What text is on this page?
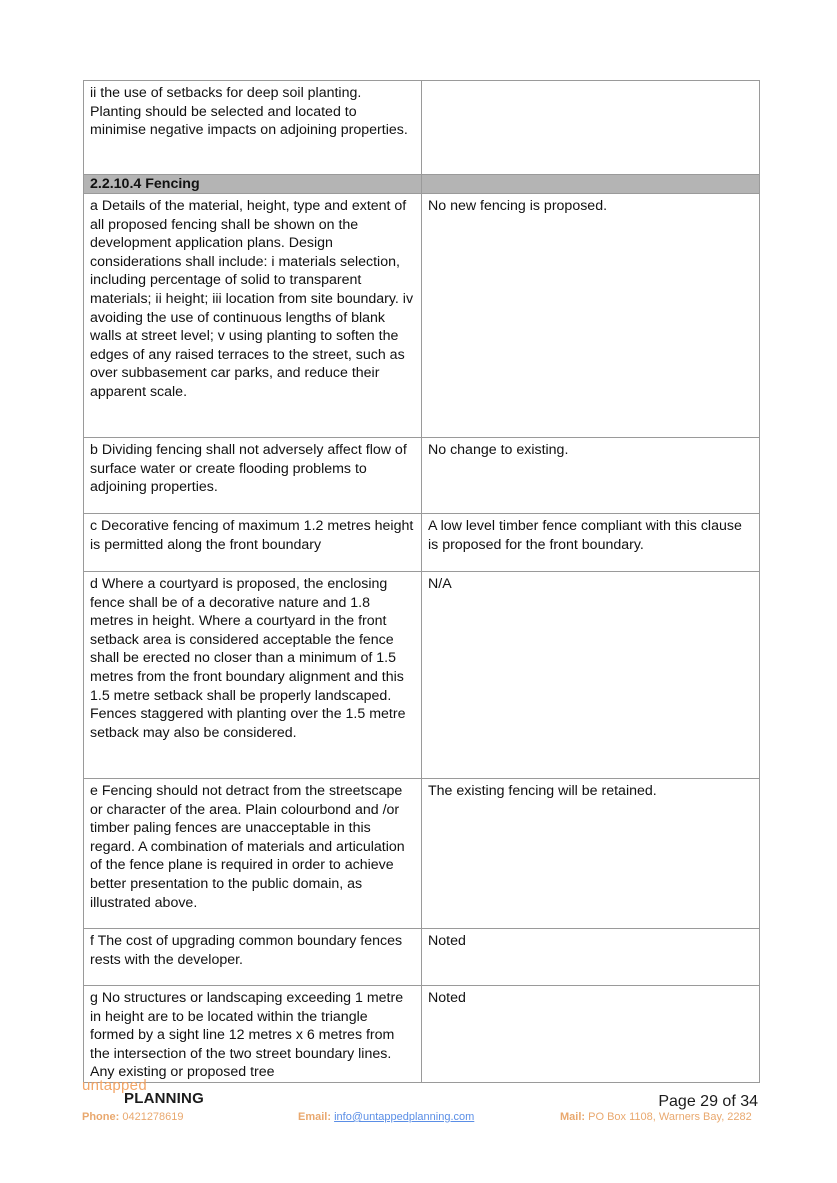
ii the use of setbacks for deep soil planting. Planting should be selected and located to minimise negative impacts on adjoining properties.	
2.2.10.4 Fencing	
a Details of the material, height, type and extent of all proposed fencing shall be shown on the development application plans. Design considerations shall include: i materials selection, including percentage of solid to transparent materials; ii height; iii location from site boundary. iv avoiding the use of continuous lengths of blank walls at street level; v using planting to soften the edges of any raised terraces to the street, such as over subbasement car parks, and reduce their apparent scale.	No new fencing is proposed.
b Dividing fencing shall not adversely affect flow of surface water or create flooding problems to adjoining properties.	No change to existing.
c Decorative fencing of maximum 1.2 metres height is permitted along the front boundary	A low level timber fence compliant with this clause is proposed for the front boundary.
d Where a courtyard is proposed, the enclosing fence shall be of a decorative nature and 1.8 metres in height. Where a courtyard in the front setback area is considered acceptable the fence shall be erected no closer than a minimum of 1.5 metres from the front boundary alignment and this 1.5 metre setback shall be properly landscaped. Fences staggered with planting over the 1.5 metre setback may also be considered.	N/A
e Fencing should not detract from the streetscape or character of the area. Plain colourbond and /or timber paling fences are unacceptable in this regard. A combination of materials and articulation of the fence plane is required in order to achieve better presentation to the public domain, as illustrated above.	The existing fencing will be retained.
f The cost of upgrading common boundary fences rests with the developer.	Noted
g No structures or landscaping exceeding 1 metre in height are to be located within the triangle formed by a sight line 12 metres x 6 metres from the intersection of the two street boundary lines. Any existing or proposed tree	Noted
untapped
PLANNING	Page 29 of 34
Phone: 0421278619	Email: info@untappedplanning.com	Mail: PO Box 1108, Warners Bay, 2282
